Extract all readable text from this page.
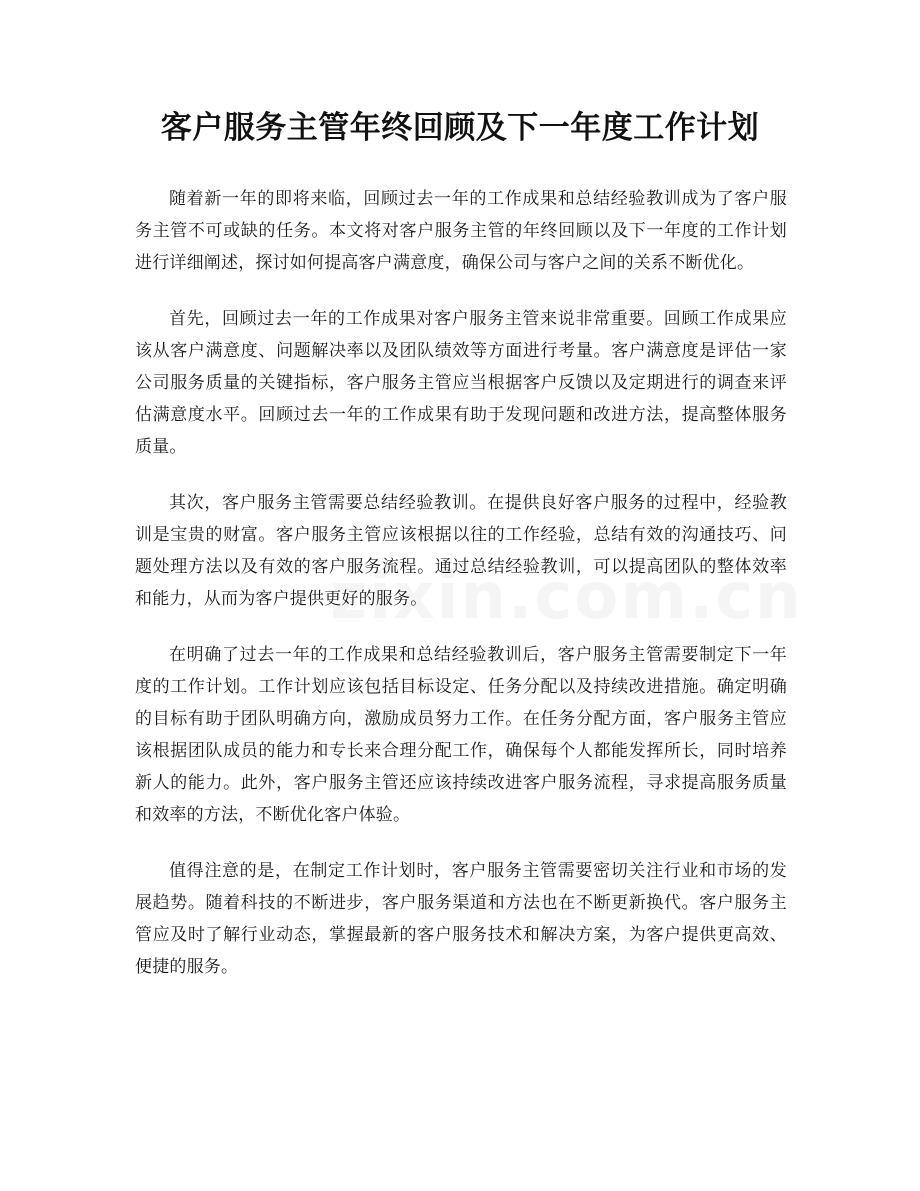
客户服务主管年终回顾及下一年度工作计划

随着新一年的即将来临，回顾过去一年的工作成果和总结经验教训成为了客户服务主管不可或缺的任务。本文将对客户服务主管的年终回顾以及下一年度的工作计划进行详细阐述，探讨如何提高客户满意度，确保公司与客户之间的关系不断优化。

首先，回顾过去一年的工作成果对客户服务主管来说非常重要。回顾工作成果应该从客户满意度、问题解决率以及团队绩效等方面进行考量。客户满意度是评估一家公司服务质量的关键指标，客户服务主管应当根据客户反馈以及定期进行的调查来评估满意度水平。回顾过去一年的工作成果有助于发现问题和改进方法，提高整体服务质量。

其次，客户服务主管需要总结经验教训。在提供良好客户服务的过程中，经验教训是宝贵的财富。客户服务主管应该根据以往的工作经验，总结有效的沟通技巧、问题处理方法以及有效的客户服务流程。通过总结经验教训，可以提高团队的整体效率和能力，从而为客户提供更好的服务。

在明确了过去一年的工作成果和总结经验教训后，客户服务主管需要制定下一年度的工作计划。工作计划应该包括目标设定、任务分配以及持续改进措施。确定明确的目标有助于团队明确方向，激励成员努力工作。在任务分配方面，客户服务主管应该根据团队成员的能力和专长来合理分配工作，确保每个人都能发挥所长，同时培养新人的能力。此外，客户服务主管还应该持续改进客户服务流程，寻求提高服务质量和效率的方法，不断优化客户体验。

值得注意的是，在制定工作计划时，客户服务主管需要密切关注行业和市场的发展趋势。随着科技的不断进步，客户服务渠道和方法也在不断更新换代。客户服务主管应及时了解行业动态，掌握最新的客户服务技术和解决方案，为客户提供更高效、便捷的服务。
